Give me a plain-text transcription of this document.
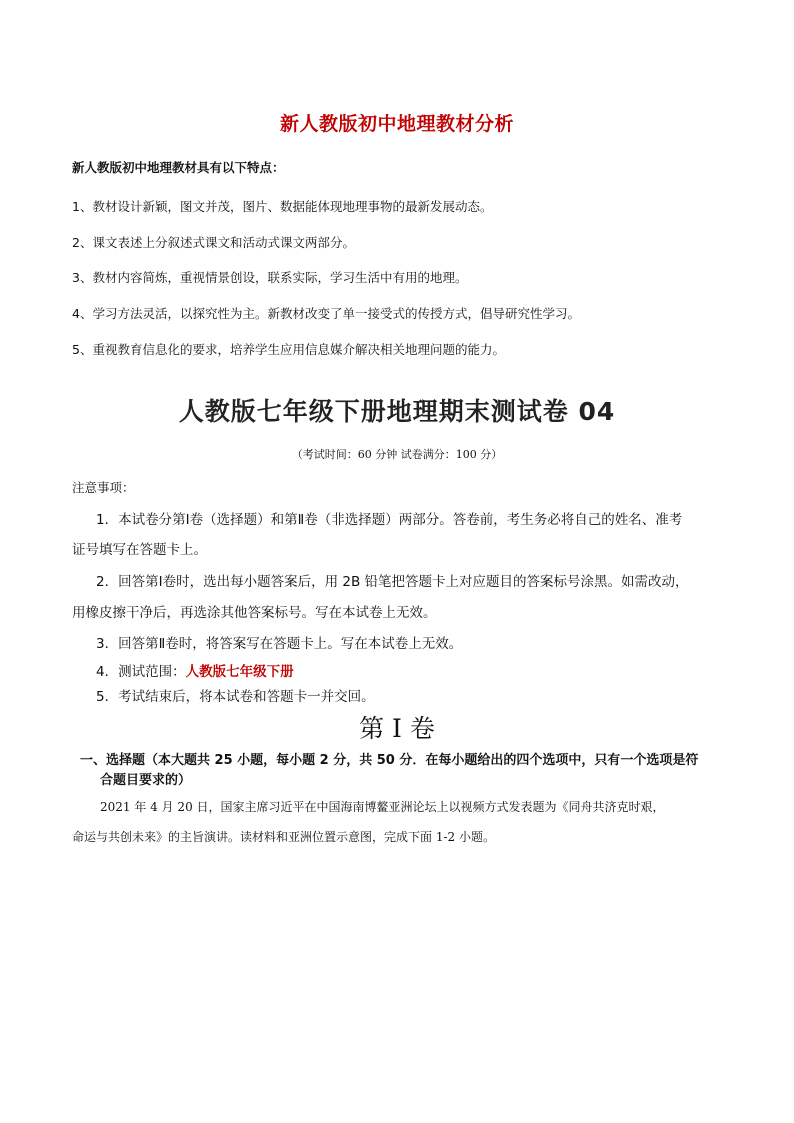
新人教版初中地理教材分析
新人教版初中地理教材具有以下特点：
1、教材设计新颖，图文并茂，图片、数据能体现地理事物的最新发展动态。
2、课文表述上分叙述式课文和活动式课文两部分。
3、教材内容简炼，重视情景创设，联系实际，学习生活中有用的地理。
4、学习方法灵活，以探究性为主。新教材改变了单一接受式的传授方式，倡导研究性学习。
5、重视教育信息化的要求，培养学生应用信息媒介解决相关地理问题的能力。
人教版七年级下册地理期末测试卷 04
（考试时间：60 分钟 试卷满分：100 分）
注意事项：
1．本试卷分第Ⅰ卷（选择题）和第Ⅱ卷（非选择题）两部分。答卷前，考生务必将自己的姓名、准考
证号填写在答题卡上。
2．回答第Ⅰ卷时，选出每小题答案后，用 2B 铅笔把答题卡上对应题目的答案标号涂黑。如需改动，
用橡皮擦干净后，再选涂其他答案标号。写在本试卷上无效。
3．回答第Ⅱ卷时，将答案写在答题卡上。写在本试卷上无效。
4．测试范围：人教版七年级下册
5．考试结束后，将本试卷和答题卡一并交回。
第 I 卷
一、选择题（本大题共 25 小题，每小题 2 分，共 50 分．在每小题给出的四个选项中，只有一个选项是符
合题目要求的）
2021 年 4 月 20 日，国家主席习近平在中国海南博鳌亚洲论坛上以视频方式发表题为《同舟共济克时艰，
命运与共创未来》的主旨演讲。读材料和亚洲位置示意图，完成下面 1-2 小题。
